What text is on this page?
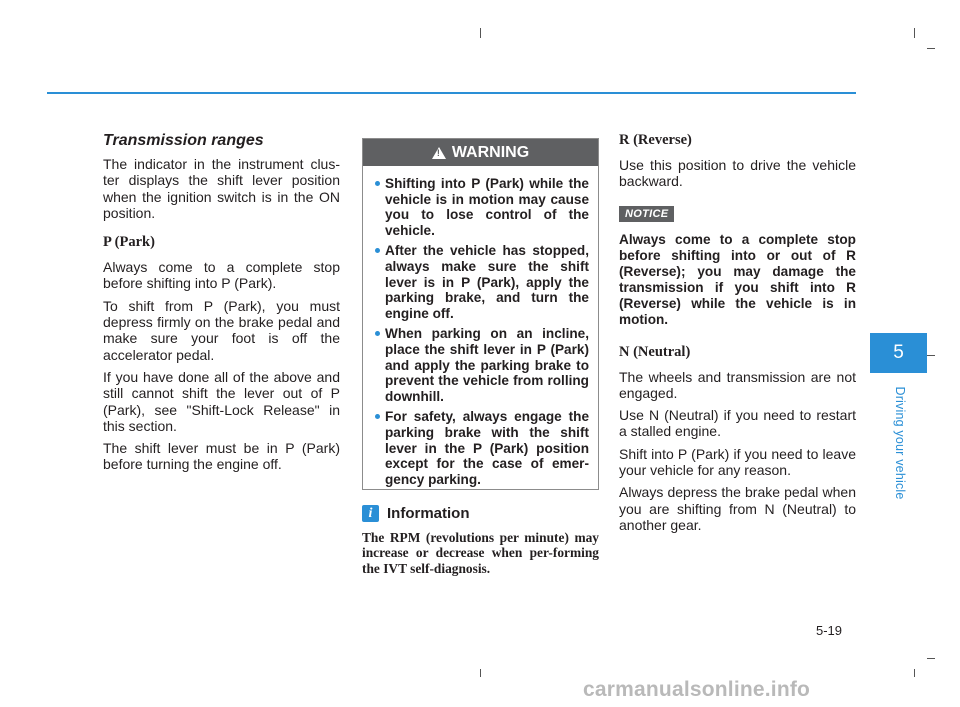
Transmission ranges

The indicator in the instrument clus-ter displays the shift lever position when the ignition switch is in the ON position.

P (Park)

Always come to a complete stop before shifting into P (Park).

To shift from P (Park), you must depress firmly on the brake pedal and make sure your foot is off the accelerator pedal.

If you have done all of the above and still cannot shift the lever out of P (Park), see "Shift-Lock Release" in this section.

The shift lever must be in P (Park) before turning the engine off.

!
WARNING
Shifting into P (Park) while the vehicle is in motion may cause you to lose control of the vehicle.
After the vehicle has stopped, always make sure the shift lever is in P (Park), apply the parking brake, and turn the engine off.
When parking on an incline, place the shift lever in P (Park) and apply the parking brake to prevent the vehicle from rolling downhill.
For safety, always engage the parking brake with the shift lever in the P (Park) position except for the case of emer-gency parking.
i Information

The RPM (revolutions per minute) may increase or decrease when per-forming the IVT self-diagnosis.

R (Reverse)

Use this position to drive the vehicle backward.

NOTICE

Always come to a complete stop before shifting into or out of R (Reverse); you may damage the transmission if you shift into R (Reverse) while the vehicle is in motion.

N (Neutral)

The wheels and transmission are not engaged.

Use N (Neutral) if you need to restart a stalled engine.

Shift into P (Park) if you need to leave your vehicle for any reason.

Always depress the brake pedal when you are shifting from N (Neutral) to another gear.

5
Driving your vehicle
5-19
carmanualsonline.info
